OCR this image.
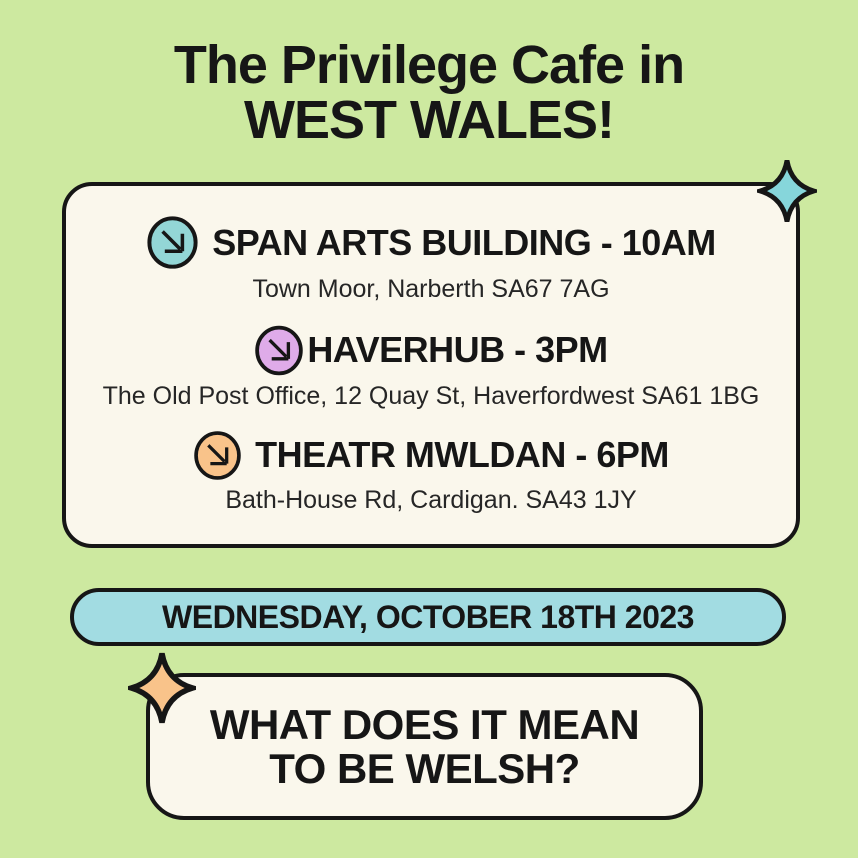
The Privilege Cafe in
WEST WALES!
SPAN ARTS BUILDING - 10AM
Town Moor, Narberth SA67 7AG
HAVERHUB - 3PM
The Old Post Office, 12 Quay St, Haverfordwest SA61 1BG
THEATR MWLDAN - 6PM
Bath-House Rd, Cardigan. SA43 1JY
WEDNESDAY, OCTOBER 18TH 2023
WHAT DOES IT MEAN
TO BE WELSH?
